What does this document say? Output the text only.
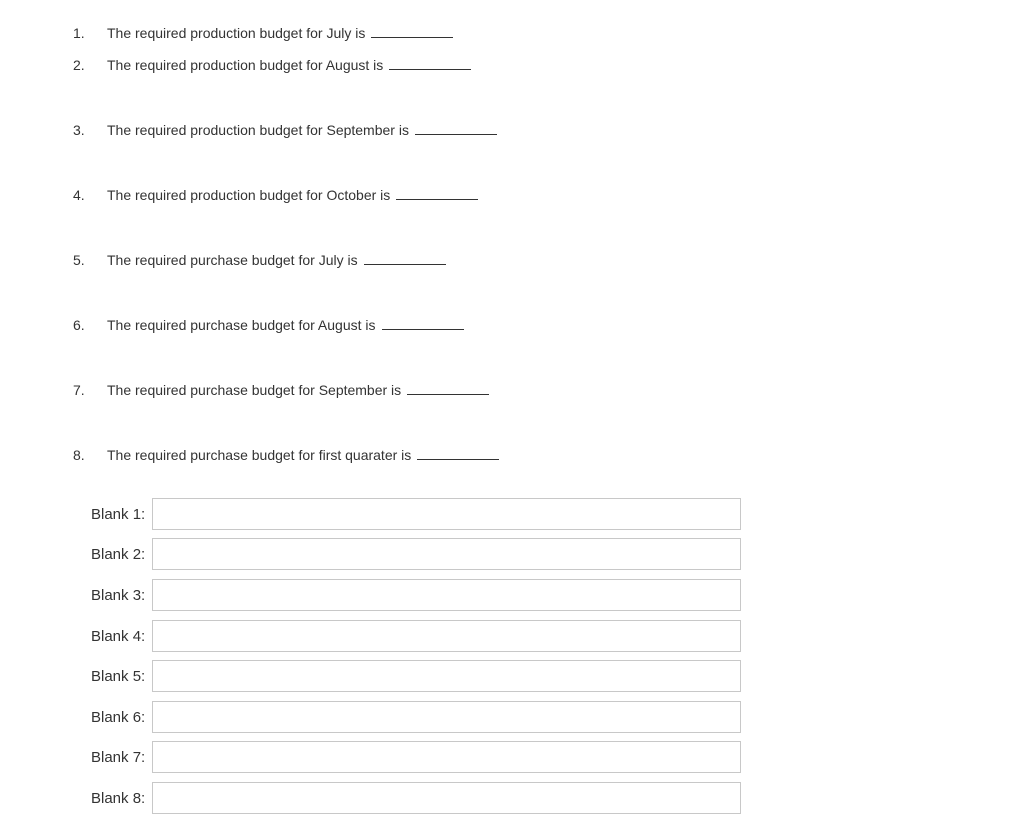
1.	The required production budget for July is
2.	The required production budget for August is
3.	The required production budget for September is
4.	The required production budget for October is
5.	The required purchase budget for July is
6.	The required purchase budget for August is
7.	The required purchase budget for September is
8.	The required purchase budget for first quarater is
Blank 1:
Blank 2:
Blank 3:
Blank 4:
Blank 5:
Blank 6:
Blank 7:
Blank 8:
